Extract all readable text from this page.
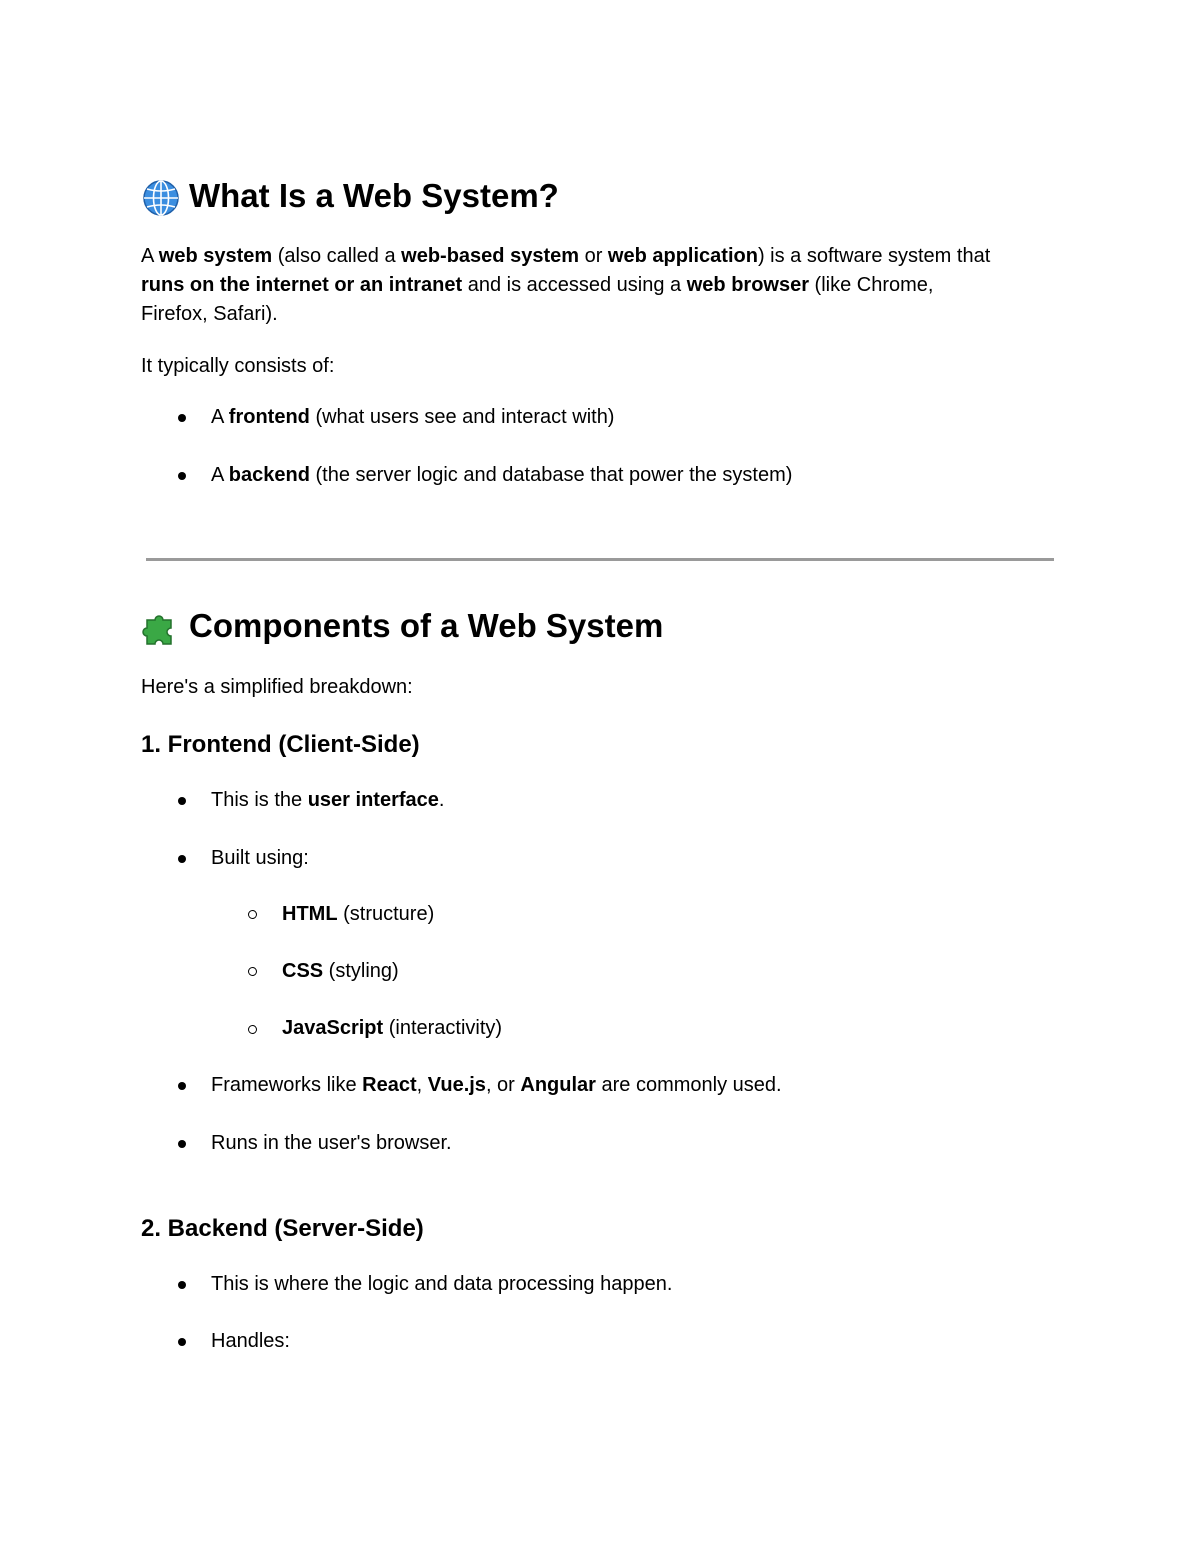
What Is a Web System?
A web system (also called a web-based system or web application) is a software system that
runs on the internet or an intranet and is accessed using a web browser (like Chrome,
Firefox, Safari).
It typically consists of:
A frontend (what users see and interact with)
A backend (the server logic and database that power the system)
Components of a Web System
Here's a simplified breakdown:
1. Frontend (Client-Side)
This is the user interface.
Built using:
HTML (structure)
CSS (styling)
JavaScript (interactivity)
Frameworks like React, Vue.js, or Angular are commonly used.
Runs in the user's browser.
2. Backend (Server-Side)
This is where the logic and data processing happen.
Handles:
